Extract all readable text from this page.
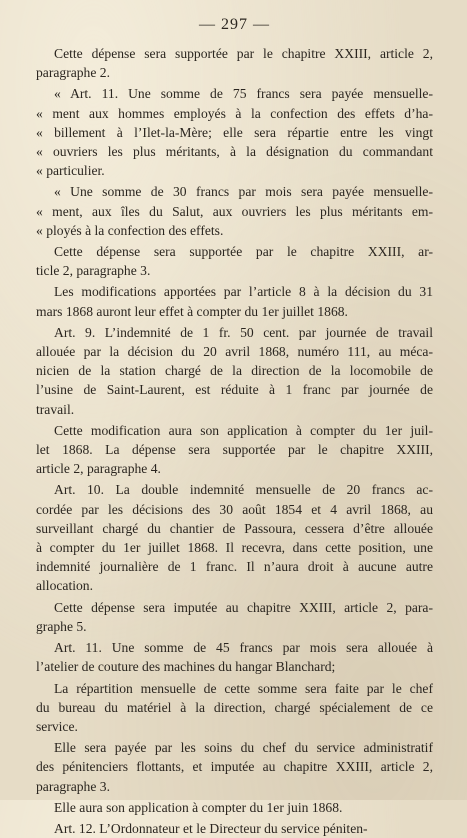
— 297 —
Cette dépense sera supportée par le chapitre XXIII, article 2,
paragraphe 2.
« Art. 11. Une somme de 75 francs sera payée mensuelle-
« ment aux hommes employés à la confection des effets d’ha-
« billement à l’Ilet-la-Mère; elle sera répartie entre les vingt
« ouvriers les plus méritants, à la désignation du commandant
« particulier.
« Une somme de 30 francs par mois sera payée mensuelle-
« ment, aux îles du Salut, aux ouvriers les plus méritants em-
« ployés à la confection des effets.
Cette dépense sera supportée par le chapitre XXIII, ar-
ticle 2, paragraphe 3.
Les modifications apportées par l’article 8 à la décision du 31
mars 1868 auront leur effet à compter du 1er juillet 1868.
Art. 9. L’indemnité de 1 fr. 50 cent. par journée de travail
allouée par la décision du 20 avril 1868, numéro 111, au méca-
nicien de la station chargé de la direction de la locomobile de
l’usine de Saint-Laurent, est réduite à 1 franc par journée de
travail.
Cette modification aura son application à compter du 1er juil-
let 1868. La dépense sera supportée par le chapitre XXIII,
article 2, paragraphe 4.
Art. 10. La double indemnité mensuelle de 20 francs ac-
cordée par les décisions des 30 août 1854 et 4 avril 1868, au
surveillant chargé du chantier de Passoura, cessera d’être allouée
à compter du 1er juillet 1868. Il recevra, dans cette position, une
indemnité journalière de 1 franc. Il n’aura droit à aucune autre
allocation.
Cette dépense sera imputée au chapitre XXIII, article 2, para-
graphe 5.
Art. 11. Une somme de 45 francs par mois sera allouée à
l’atelier de couture des machines du hangar Blanchard;
La répartition mensuelle de cette somme sera faite par le chef
du bureau du matériel à la direction, chargé spécialement de ce
service.
Elle sera payée par les soins du chef du service administratif
des pénitenciers flottants, et imputée au chapitre XXIII, article 2,
paragraphe 3.
Elle aura son application à compter du 1er juin 1868.
Art. 12. L’Ordonnateur et le Directeur du service péniten-
